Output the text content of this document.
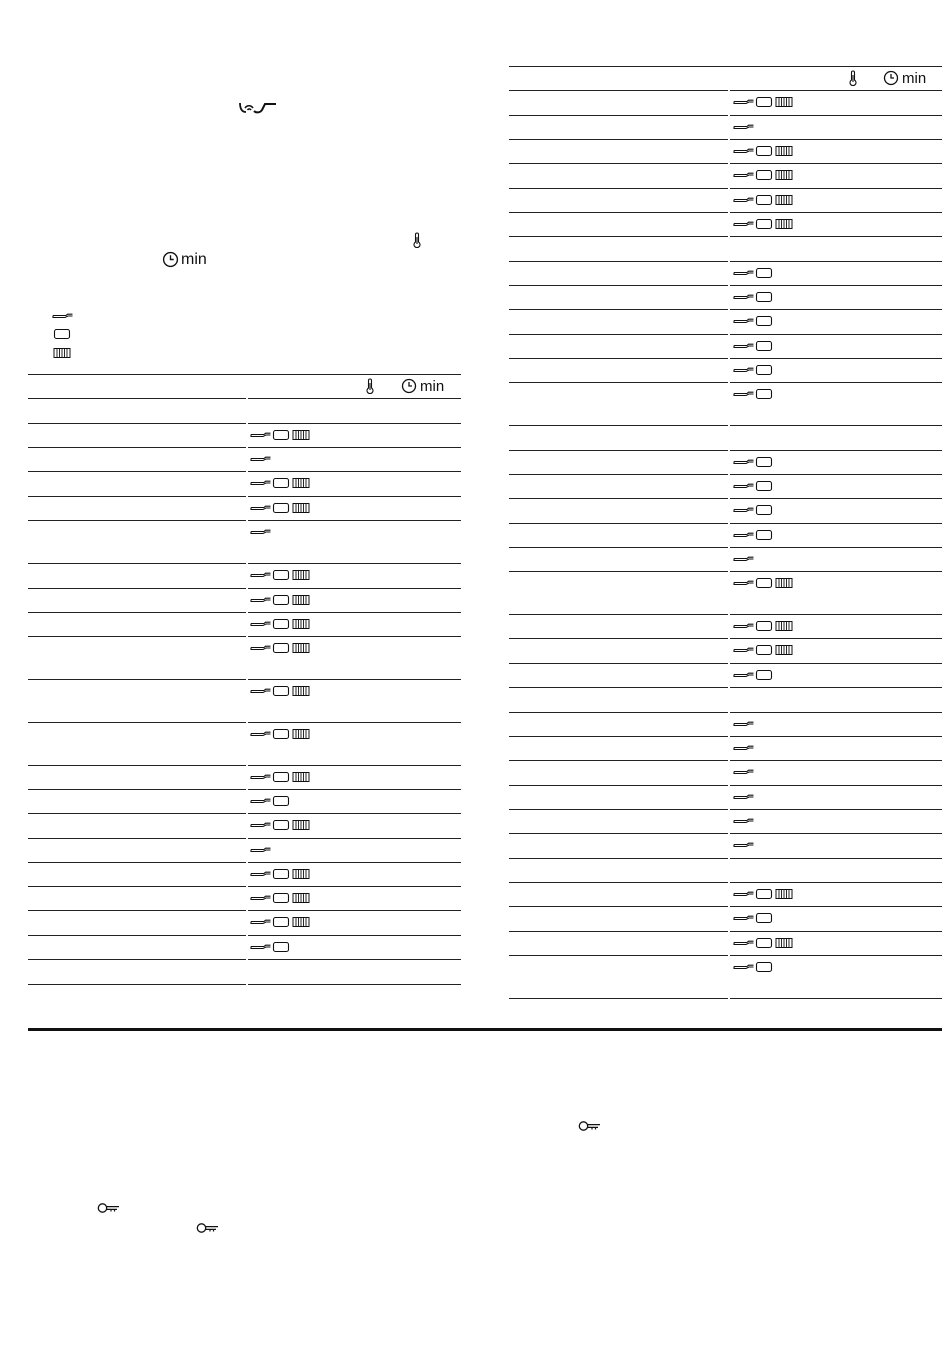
min
min
min
